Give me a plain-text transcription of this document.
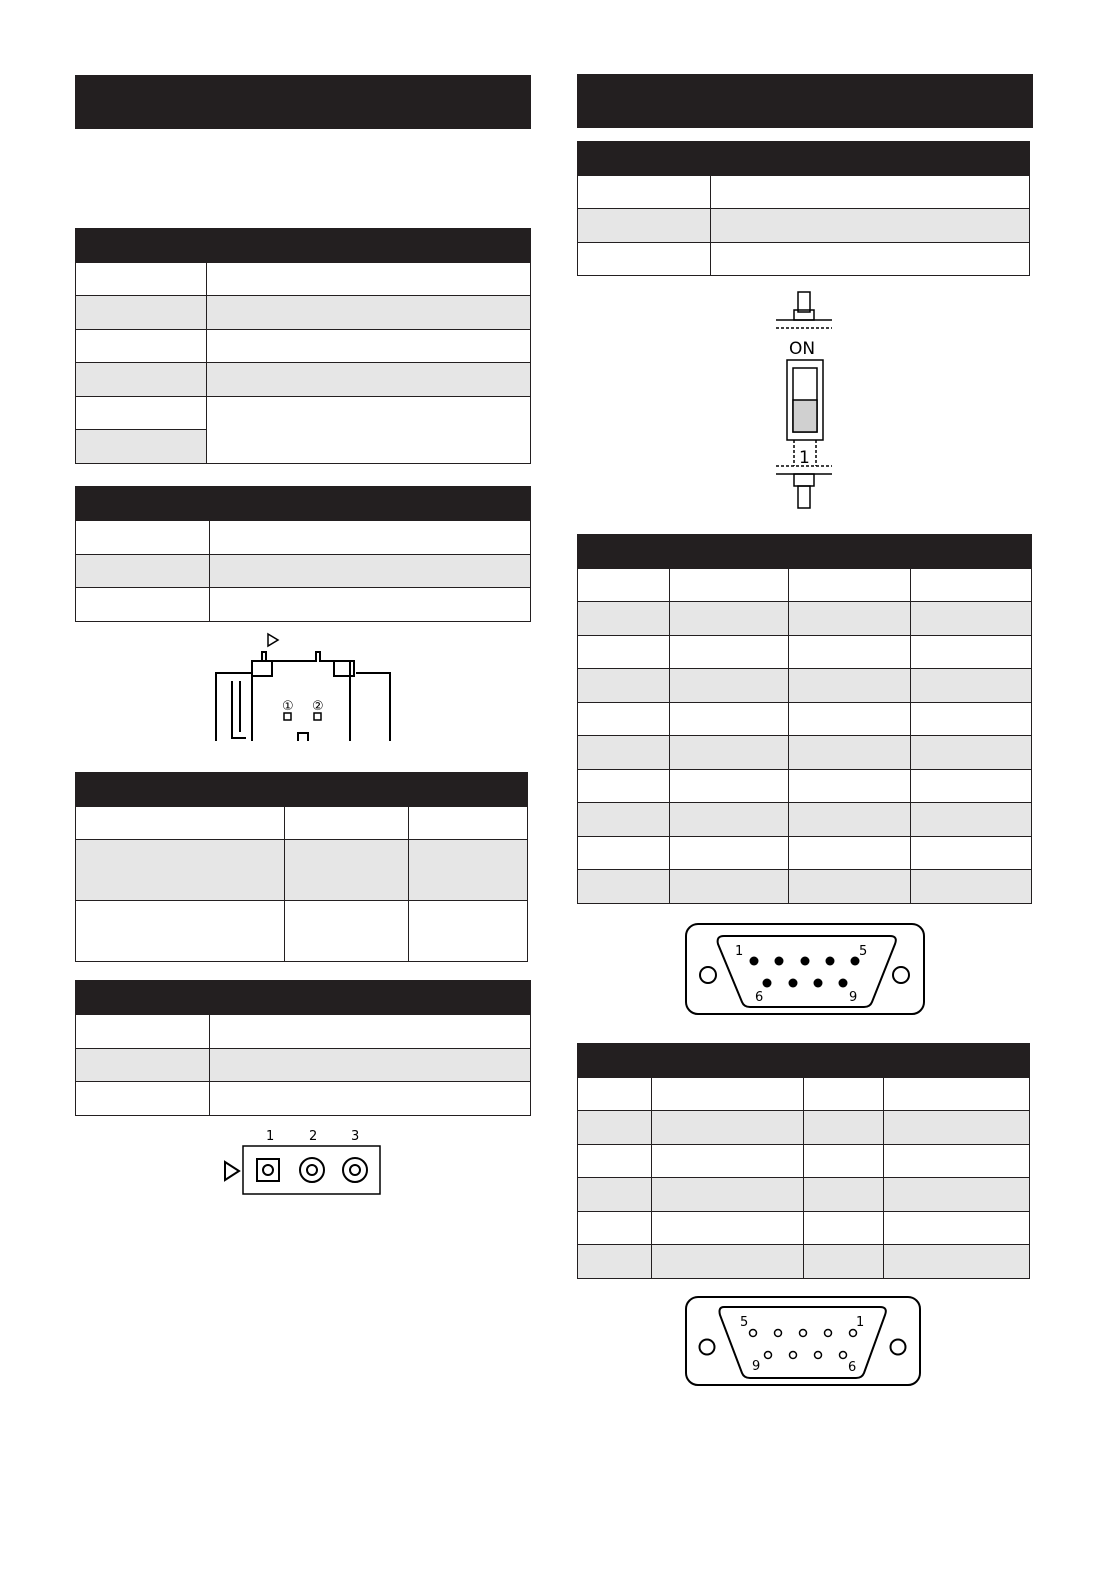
① ②

1	2	3

ON
1

1	5
6	9

5	1
9	6
